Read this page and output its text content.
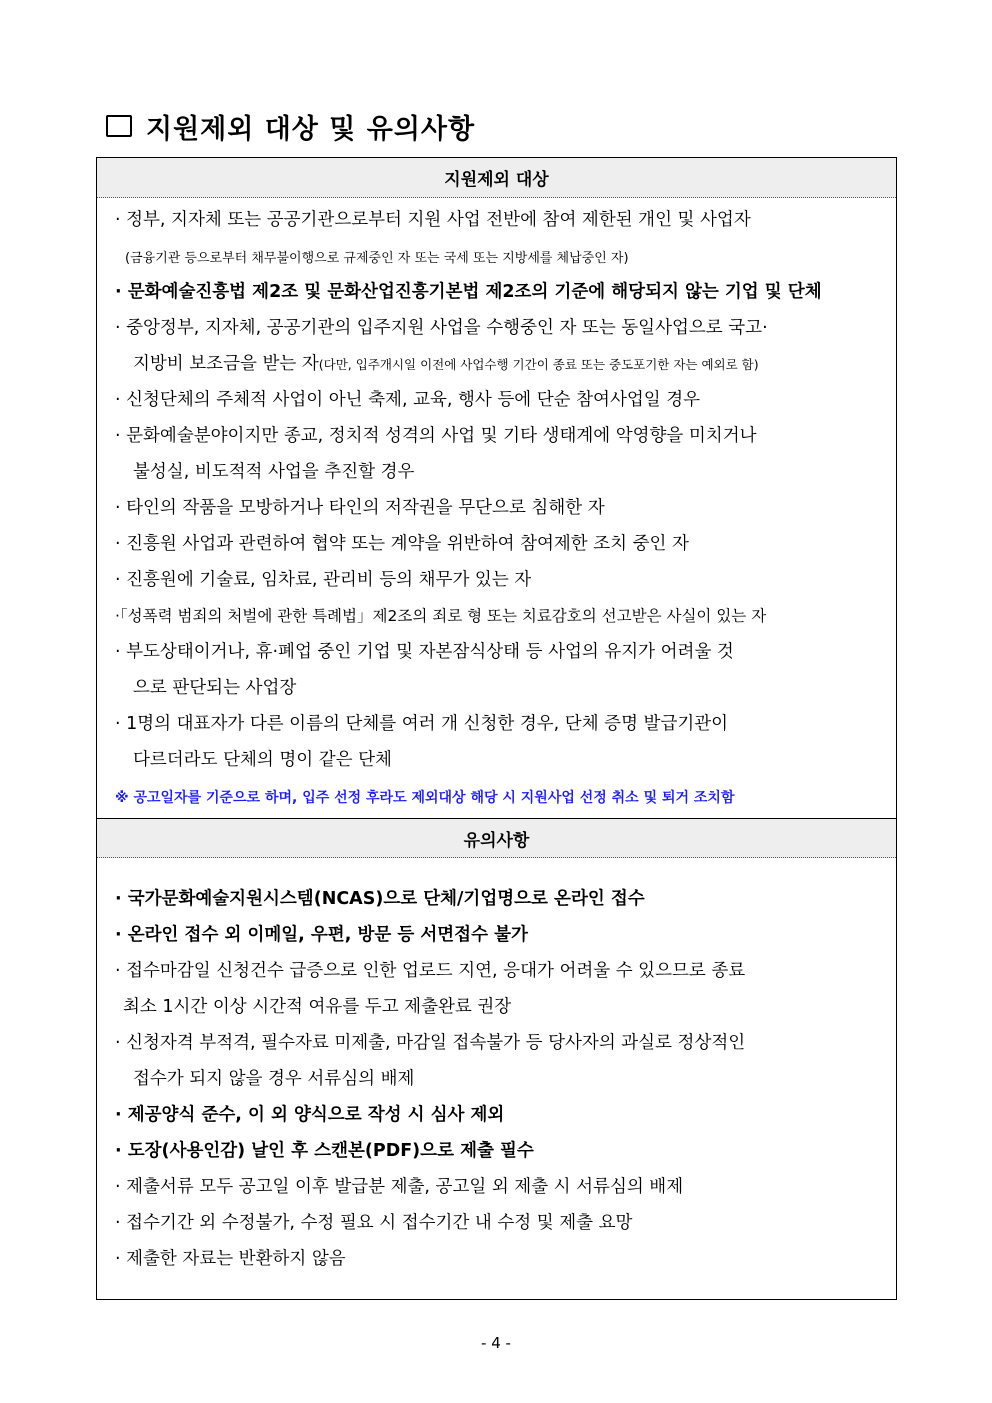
지원제외 대상 및 유의사항
지원제외 대상
· 정부, 지자체 또는 공공기관으로부터 지원 사업 전반에 참여 제한된 개인 및 사업자
(금융기관 등으로부터 채무불이행으로 규제중인 자 또는 국세 또는 지방세를 체납중인 자)
· 문화예술진흥법 제2조 및 문화산업진흥기본법 제2조의 기준에 해당되지 않는 기업 및 단체
· 중앙정부, 지자체, 공공기관의 입주지원 사업을 수행중인 자 또는 동일사업으로 국고·
지방비 보조금을 받는 자(다만, 입주개시일 이전에 사업수행 기간이 종료 또는 중도포기한 자는 예외로 함)
· 신청단체의 주체적 사업이 아닌 축제, 교육, 행사 등에 단순 참여사업일 경우
· 문화예술분야이지만 종교, 정치적 성격의 사업 및 기타 생태계에 악영향을 미치거나
불성실, 비도적적 사업을 추진할 경우
· 타인의 작품을 모방하거나 타인의 저작권을 무단으로 침해한 자
· 진흥원 사업과 관련하여 협약 또는 계약을 위반하여 참여제한 조치 중인 자
· 진흥원에 기술료, 임차료, 관리비 등의 채무가 있는 자
·「성폭력 범죄의 처벌에 관한 특례법」제2조의 죄로 형 또는 치료감호의 선고받은 사실이 있는 자
· 부도상태이거나, 휴·폐업 중인 기업 및 자본잠식상태 등 사업의 유지가 어려울 것
으로 판단되는 사업장
· 1명의 대표자가 다른 이름의 단체를 여러 개 신청한 경우, 단체 증명 발급기관이
다르더라도 단체의 명이 같은 단체
※ 공고일자를 기준으로 하며, 입주 선정 후라도 제외대상 해당 시 지원사업 선정 취소 및 퇴거 조치함
유의사항
· 국가문화예술지원시스템(NCAS)으로 단체/기업명으로 온라인 접수
· 온라인 접수 외 이메일, 우편, 방문 등 서면접수 불가
· 접수마감일 신청건수 급증으로 인한 업로드 지연, 응대가 어려울 수 있으므로 종료
최소 1시간 이상 시간적 여유를 두고 제출완료 권장
· 신청자격 부적격, 필수자료 미제출, 마감일 접속불가 등 당사자의 과실로 정상적인
접수가 되지 않을 경우 서류심의 배제
· 제공양식 준수, 이 외 양식으로 작성 시 심사 제외
· 도장(사용인감) 날인 후 스캔본(PDF)으로 제출 필수
· 제출서류 모두 공고일 이후 발급분 제출, 공고일 외 제출 시 서류심의 배제
· 접수기간 외 수정불가, 수정 필요 시 접수기간 내 수정 및 제출 요망
· 제출한 자료는 반환하지 않음
- 4 -
